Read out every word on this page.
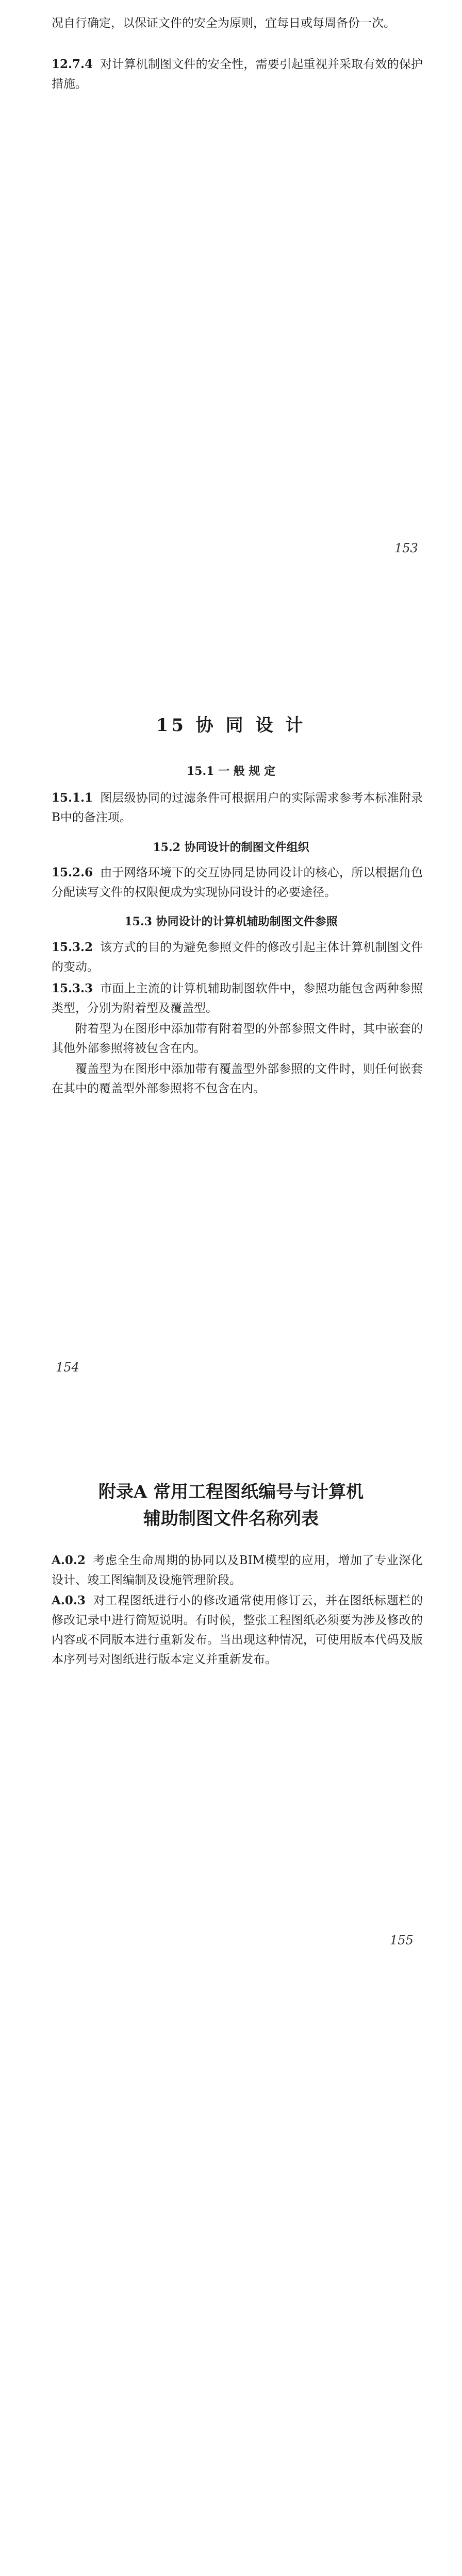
况自行确定，以保证文件的安全为原则，宜每日或每周备份一次。

12.7.4 对计算机制图文件的安全性，需要引起重视并采取有效的保护措施。

153
15 协 同 设 计
15.1 一 般 规 定

15.1.1 图层级协同的过滤条件可根据用户的实际需求参考本标准附录B中的备注项。

15.2 协同设计的制图文件组织

15.2.6 由于网络环境下的交互协同是协同设计的核心，所以根据角色分配读写文件的权限便成为实现协同设计的必要途径。

15.3 协同设计的计算机辅助制图文件参照

15.3.2 该方式的目的为避免参照文件的修改引起主体计算机制图文件的变动。

15.3.3 市面上主流的计算机辅助制图软件中，参照功能包含两种参照类型，分别为附着型及覆盖型。

附着型为在图形中添加带有附着型的外部参照文件时，其中嵌套的其他外部参照将被包含在内。

覆盖型为在图形中添加带有覆盖型外部参照的文件时，则任何嵌套在其中的覆盖型外部参照将不包含在内。

154
附录A 常用工程图纸编号与计算机
辅助制图文件名称列表

A.0.2 考虑全生命周期的协同以及BIM模型的应用，增加了专业深化设计、竣工图编制及设施管理阶段。

A.0.3 对工程图纸进行小的修改通常使用修订云，并在图纸标题栏的修改记录中进行简短说明。有时候，整张工程图纸必须要为涉及修改的内容或不同版本进行重新发布。当出现这种情况，可使用版本代码及版本序列号对图纸进行版本定义并重新发布。

155
